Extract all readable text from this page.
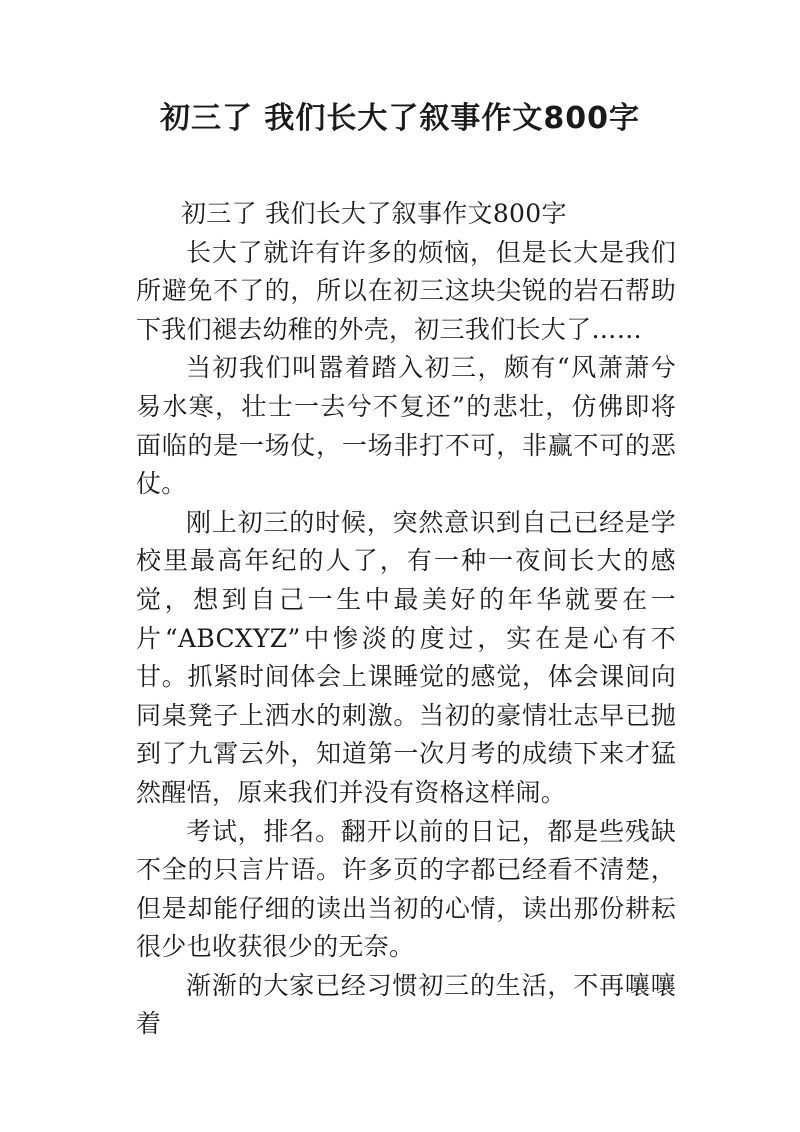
初三了 我们长大了叙事作文800字

初三了 我们长大了叙事作文800字

长大了就许有许多的烦恼，但是长大是我们所避免不了的，所以在初三这块尖锐的岩石帮助下我们褪去幼稚的外壳，初三我们长大了……

当初我们叫嚣着踏入初三，颇有“风萧萧兮易水寒，壮士一去兮不复还”的悲壮，仿佛即将面临的是一场仗，一场非打不可，非赢不可的恶仗。

刚上初三的时候，突然意识到自己已经是学校里最高年纪的人了，有一种一夜间长大的感觉，想到自己一生中最美好的年华就要在一片“ABCXYZ”中惨淡的度过，实在是心有不甘。抓紧时间体会上课睡觉的感觉，体会课间向同桌凳子上洒水的刺激。当初的豪情壮志早已抛到了九霄云外，知道第一次月考的成绩下来才猛然醒悟，原来我们并没有资格这样闹。

考试，排名。翻开以前的日记，都是些残缺不全的只言片语。许多页的字都已经看不清楚，但是却能仔细的读出当初的心情，读出那份耕耘很少也收获很少的无奈。

渐渐的大家已经习惯初三的生活，不再嚷嚷着
